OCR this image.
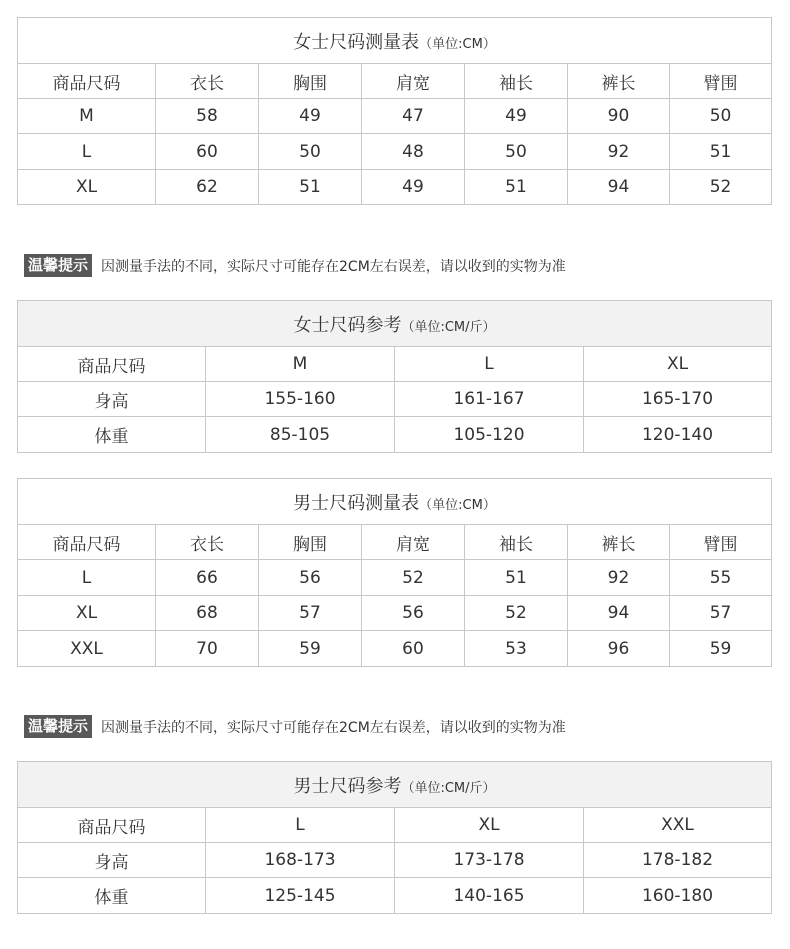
女士尺码测量表（单位:CM）						
商品尺码	衣长	胸围	肩宽	袖长	裤长	臂围
M	58	49	47	49	90	50
L	60	50	48	50	92	51
XL	62	51	49	51	94	52
温馨提示 因测量手法的不同，实际尺寸可能存在2CM左右误差，请以收到的实物为准
女士尺码参考（单位:CM/斤）			
商品尺码	M	L	XL
身高	155-160	161-167	165-170
体重	85-105	105-120	120-140
男士尺码测量表（单位:CM）						
商品尺码	衣长	胸围	肩宽	袖长	裤长	臂围
L	66	56	52	51	92	55
XL	68	57	56	52	94	57
XXL	70	59	60	53	96	59
温馨提示 因测量手法的不同，实际尺寸可能存在2CM左右误差，请以收到的实物为准
男士尺码参考（单位:CM/斤）			
商品尺码	L	XL	XXL
身高	168-173	173-178	178-182
体重	125-145	140-165	160-180
